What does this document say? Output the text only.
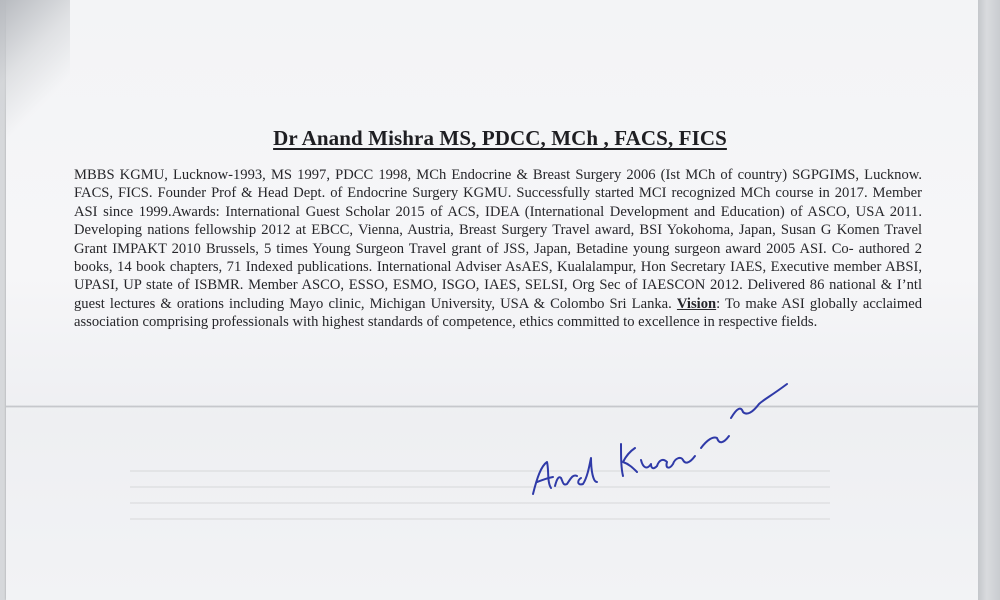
Dr Anand Mishra MS, PDCC, MCh , FACS, FICS

MBBS KGMU, Lucknow-1993, MS 1997, PDCC 1998, MCh Endocrine & Breast Surgery 2006 (Ist MCh of country) SGPGIMS, Lucknow. FACS, FICS. Founder Prof & Head Dept. of Endocrine Surgery KGMU. Successfully started MCI recognized MCh course in 2017. Member ASI since 1999.Awards: International Guest Scholar 2015 of ACS, IDEA (International Development and Education) of ASCO, USA 2011. Developing nations fellowship 2012 at EBCC, Vienna, Austria, Breast Surgery Travel award, BSI Yokohoma, Japan, Susan G Komen Travel Grant IMPAKT 2010 Brussels, 5 times Young Surgeon Travel grant of JSS, Japan, Betadine young surgeon award 2005 ASI. Co- authored 2 books, 14 book chapters, 71 Indexed publications. International Adviser AsAES, Kualalampur, Hon Secretary IAES, Executive member ABSI, UPASI, UP state of ISBMR. Member ASCO, ESSO, ESMO, ISGO, IAES, SELSI, Org Sec of IAESCON 2012. Delivered 86 national & I’ntl guest lectures & orations including Mayo clinic, Michigan University, USA & Colombo Sri Lanka. Vision: To make ASI globally acclaimed association comprising professionals with highest standards of competence, ethics committed to excellence in respective fields.
